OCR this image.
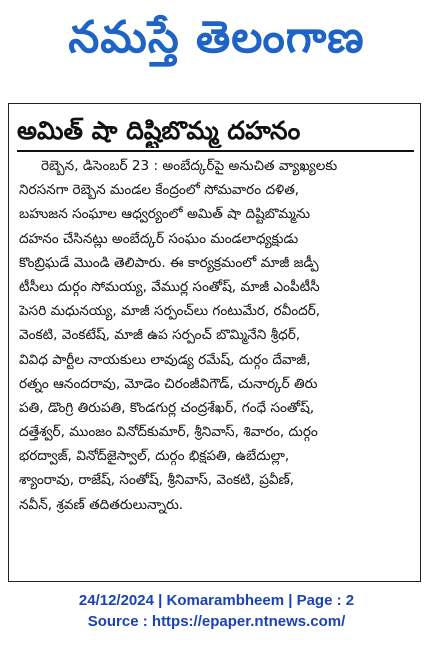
నమస్తే తెలంగాణ
అమిత్ షా దిష్టిబొమ్మ దహనం
రెబ్బెన, డిసెంబర్ 23 : అంబేద్కర్‌పై అనుచిత వ్యాఖ్యలకు
నిరసనగా రెబ్బెన మండల కేంద్రంలో సోమవారం దళిత,
బహుజన సంఘాల ఆధ్వర్యంలో అమిత్ షా దిష్టిబొమ్మను
దహనం చేసినట్లు అంబేద్కర్ సంఘం మండలాధ్యక్షుడు
కొంబ్రిఘడే మొండి తెలిపారు. ఈ కార్యక్రమంలో మాజీ జడ్పీ
టీసీలు దుర్గం సోమయ్య, వేముర్ల సంతోష్, మాజీ ఎంపీటీసీ
పెసరి మధునయ్య, మాజీ సర్పంచ్‌లు గంటుమేర, రవీందర్,
వెంకటి, వెంకటేష్, మాజీ ఉప సర్పంచ్ బొమ్మినేని శ్రీధర్,
వివిధ పార్టీల నాయకులు లావుడ్య రమేష్, దుర్గం దేవాజీ,
రత్నం ఆనందరావు, మోడెం చిరంజీవిగౌడ్, చునార్కర్ తిరు
పతి, డొంగ్రి తిరుపతి, కొండగుర్ల చంద్రశేఖర్, గంధే సంతోష్,
దత్తేశ్వర్, ముంజం వినోద్‌కుమార్, శ్రీనివాస్, శివారం, దుర్గం
భరద్వాజ్, వినోద్‌జైస్వాల్, దుర్గం భిక్షపతి, ఉబేదుల్లా,
శ్యాంరావు, రాజేష్, సంతోష్, శ్రీనివాస్, వెంకటి, ప్రవీణ్,
నవీన్, శ్రవణ్ తదితరులున్నారు.
24/12/2024 | Komarambheem | Page : 2
Source : https://epaper.ntnews.com/
